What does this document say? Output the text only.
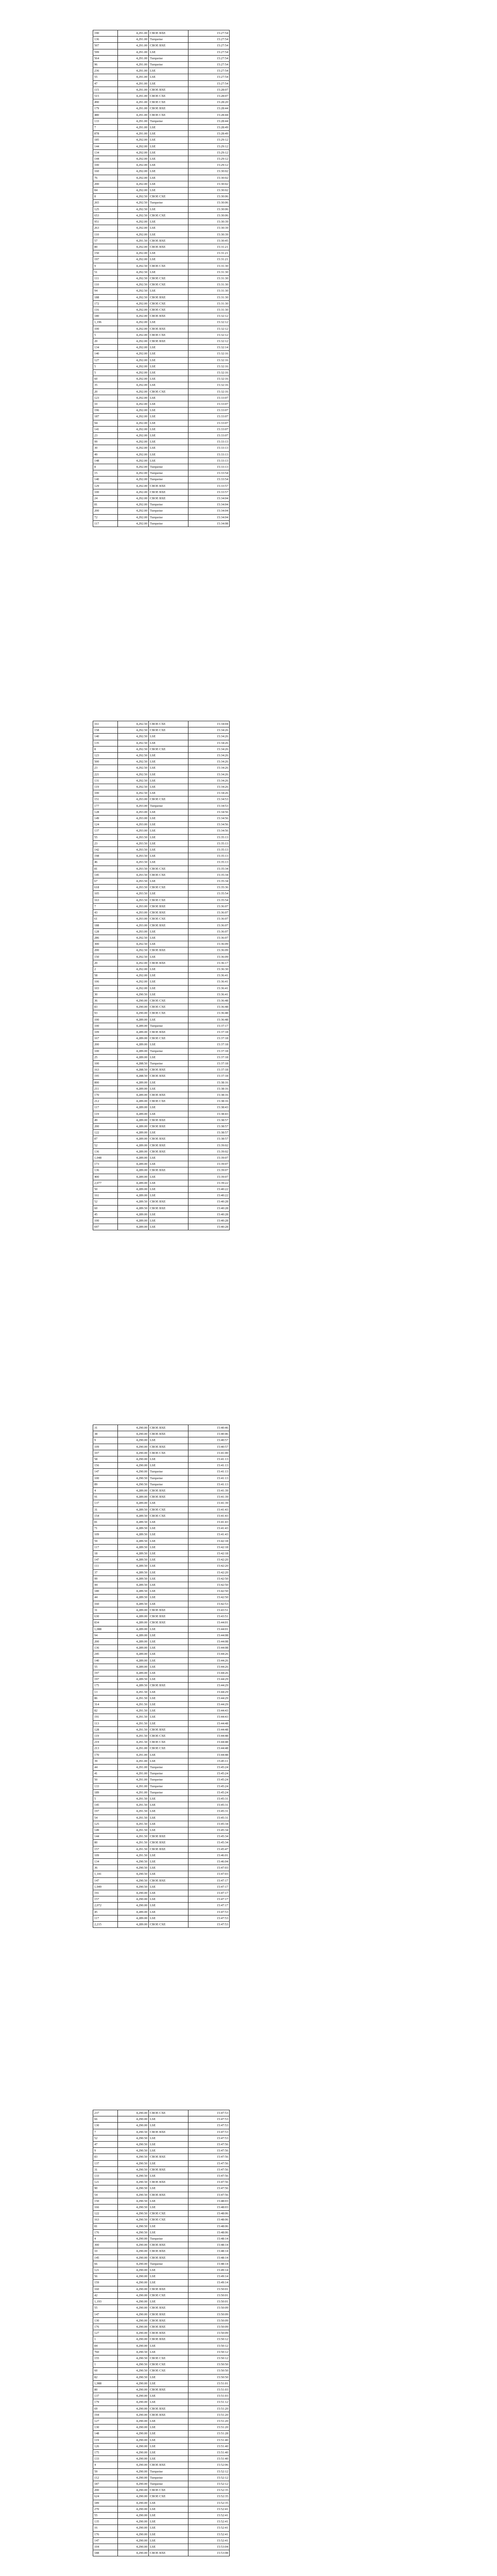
190	4,291.00	CBOE BXE	15:27:54
136	4,291.00	Turquoise	15:27:54
507	4,291.00	CBOE BXE	15:27:54
599	4,291.00	LSE	15:27:54
564	4,291.00	Turquoise	15:27:54
96	4,291.00	Turquoise	15:27:54
236	4,291.00	LSE	15:27:54
55	4,291.00	LSE	15:27:54
47	4,291.00	LSE	15:27:54
115	4,291.00	CBOE BXE	15:28:07
515	4,291.00	CBOE CXE	15:28:07
490	4,291.00	CBOE CXE	15:28:20
179	4,291.00	CBOE BXE	15:28:44
480	4,291.00	CBOE CXE	15:28:44
133	4,291.00	Turquoise	15:28:44
7	4,291.00	LSE	15:28:49
878	4,291.00	LSE	15:28:49
185	4,292.00	LSE	15:29:12
144	4,292.00	LSE	15:29:12
134	4,292.00	LSE	15:29:12
144	4,292.00	LSE	15:29:12
100	4,292.00	LSE	15:29:12
160	4,292.00	LSE	15:30:02
76	4,292.00	LSE	15:30:02
200	4,292.00	LSE	15:30:02
84	4,292.00	LSE	15:30:02
8	4,292.50	CBOE CXE	15:30:06
265	4,292.50	Turquoise	15:30:06
125	4,292.50	LSE	15:30:06
653	4,292.50	CBOE CXE	15:30:06
951	4,292.00	LSE	15:30:39
263	4,292.00	LSE	15:30:39
110	4,292.00	LSE	15:30:39
57	4,291.50	CBOE BXE	15:30:45
80	4,292.00	CBOE BXE	15:31:21
150	4,292.00	LSE	15:31:21
197	4,292.00	LSE	15:31:21
9	4,292.50	CBOE CXE	15:31:30
51	4,292.50	LSE	15:31:30
111	4,292.50	CBOE CXE	15:31:30
110	4,292.50	CBOE CXE	15:31:30
94	4,292.50	LSE	15:31:30
188	4,292.50	CBOE BXE	15:31:30
172	4,292.00	CBOE CXE	15:31:30
116	4,292.00	CBOE CXE	15:31:30
180	4,292.00	CBOE BXE	15:32:12
1,196	4,292.00	LSE	15:32:12
100	4,292.00	CBOE BXE	15:32:12
5	4,292.00	CBOE CXE	15:32:12
20	4,292.00	CBOE BXE	15:32:12
134	4,292.00	LSE	15:32:14
140	4,292.00	LSE	15:32:16
127	4,292.00	LSE	15:32:16
5	4,292.00	LSE	15:32:16
5	4,292.00	LSE	15:32:16
60	4,292.00	LSE	15:32:16
35	4,292.00	LSE	15:32:16
20	4,292.00	CBOE CXE	15:32:16
123	4,292.00	LSE	15:33:07
10	4,292.00	LSE	15:33:07
196	4,292.00	LSE	15:33:07
187	4,292.00	LSE	15:33:07
94	4,292.00	LSE	15:33:07
141	4,292.00	LSE	15:33:07
23	4,292.00	LSE	15:33:07
99	4,292.00	LSE	15:33:13
30	4,292.00	LSE	15:33:13
49	4,292.00	LSE	15:33:13
148	4,292.00	LSE	15:33:13
8	4,292.00	Turquoise	15:33:13
15	4,292.00	Turquoise	15:33:54
140	4,292.00	Turquoise	15:33:54
129	4,292.00	CBOE BXE	15:33:57
100	4,292.00	CBOE BXE	15:33:57
24	4,292.00	CBOE BXE	15:34:04
81	4,292.00	Turquoise	15:34:04
200	4,292.00	Turquoise	15:34:04
72	4,292.00	Turquoise	15:34:04
117	4,292.00	Turquoise	15:34:08
161	4,292.50	CBOE CXE	15:34:04
158	4,292.50	CBOE CXE	15:34:26
140	4,292.50	LSE	15:34:26
135	4,292.50	LSE	15:34:26
8	4,292.50	CBOE CXE	15:34:26
123	4,292.50	LSE	15:34:26
500	4,292.50	LSE	15:34:26
23	4,292.50	LSE	15:34:26
221	4,292.50	LSE	15:34:26
131	4,292.50	LSE	15:34:26
119	4,292.50	LSE	15:34:26
100	4,292.50	LSE	15:34:26
151	4,293.00	CBOE CXE	15:34:53
177	4,293.00	Turquoise	15:34:53
128	4,293.00	LSE	15:34:56
149	4,293.00	LSE	15:34:56
124	4,293.00	LSE	15:34:56
137	4,293.00	LSE	15:34:56
55	4,293.50	LSE	15:35:13
23	4,293.50	LSE	15:35:13
142	4,293.50	LSE	15:35:13
198	4,293.50	LSE	15:35:13
46	4,293.50	LSE	15:35:13
81	4,293.50	CBOE CXE	15:35:34
145	4,293.50	CBOE CXE	15:35:34
67	4,293.50	LSE	15:35:34
618	4,293.50	CBOE CXE	15:35:36
105	4,293.50	LSE	15:35:54
163	4,293.50	CBOE CXE	15:35:54
7	4,293.00	CBOE BXE	15:36:07
43	4,293.00	CBOE BXE	15:36:07
61	4,293.00	CBOE CXE	15:36:07
188	4,293.00	CBOE BXE	15:36:07
128	4,293.00	LSE	15:36:07
286	4,292.50	LSE	15:36:07
300	4,292.50	LSE	15:36:09
200	4,292.50	CBOE BXE	15:36:09
150	4,292.50	LSE	15:36:09
20	4,292.00	CBOE BXE	15:36:17
2	4,292.00	LSE	15:36:30
58	4,292.00	LSE	15:36:41
106	4,292.00	LSE	15:36:41
103	4,292.00	LSE	15:36:41
30	4,290.50	LSE	15:36:41
36	4,290.00	CBOE CXE	15:36:48
83	4,290.00	CBOE CXE	15:36:48
93	4,290.00	CBOE CXE	15:36:48
100	4,289.00	LSE	15:36:48
100	4,289.00	Turquoise	15:37:17
109	4,289.00	CBOE BXE	15:37:18
167	4,289.00	CBOE CXE	15:37:18
200	4,289.00	LSE	15:37:18
100	4,289.00	Turquoise	15:37:18
25	4,289.00	LSE	15:37:18
100	4,288.50	Turquoise	15:37:18
163	4,288.50	CBOE BXE	15:37:18
195	4,288.50	CBOE BXE	15:37:18
800	4,289.00	LSE	15:38:16
211	4,289.00	LSE	15:38:16
170	4,289.00	CBOE BXE	15:38:16
212	4,289.00	CBOE CXE	15:38:16
117	4,289.00	LSE	15:38:43
119	4,289.00	LSE	15:38:43
49	4,289.00	CBOE BXE	15:38:57
200	4,289.00	CBOE BXE	15:38:57
122	4,289.00	LSE	15:38:57
87	4,289.00	CBOE BXE	15:38:57
52	4,289.00	CBOE BXE	15:39:02
136	4,289.00	CBOE BXE	15:39:02
1,048	4,289.00	LSE	15:39:07
173	4,289.00	LSE	15:39:07
136	4,289.00	CBOE BXE	15:39:07
400	4,289.00	LSE	15:39:07
2,077	4,289.00	LSE	15:39:22
50	4,289.00	LSE	15:40:22
161	4,289.00	LSE	15:40:22
52	4,289.50	CBOE BXE	15:40:28
60	4,289.50	CBOE BXE	15:40:28
45	4,289.00	LSE	15:40:28
100	4,289.00	LSE	15:40:28
697	4,289.00	LSE	15:40:28
31	4,290.00	CBOE BXE	15:40:46
38	4,290.00	CBOE BXE	15:40:46
9	4,290.00	LSE	15:40:57
109	4,290.00	CBOE BXE	15:40:57
107	4,290.00	CBOE CXE	15:41:00
58	4,290.00	LSE	15:41:13
156	4,290.00	LSE	15:41:13
147	4,290.00	Turquoise	15:41:13
100	4,290.50	Turquoise	15:41:13
89	4,290.50	Turquoise	15:41:13
4	4,289.00	CBOE BXE	15:41:39
91	4,289.00	CBOE BXE	15:41:39
137	4,289.00	LSE	15:41:39
31	4,289.50	CBOE CXE	15:41:43
154	4,289.50	CBOE CXE	15:41:43
81	4,289.50	LSE	15:41:43
71	4,289.50	LSE	15:41:43
109	4,289.50	LSE	15:41:43
59	4,289.50	LSE	15:42:18
117	4,289.50	LSE	15:42:18
18	4,289.50	LSE	15:42:18
147	4,289.50	LSE	15:42:20
111	4,289.50	LSE	15:42:20
37	4,289.50	LSE	15:42:20
99	4,289.50	LSE	15:42:50
44	4,289.50	LSE	15:42:50
180	4,289.50	LSE	15:42:50
44	4,289.50	LSE	15:42:50
160	4,289.50	LSE	15:42:53
31	4,289.00	CBOE BXE	15:43:51
630	4,289.00	CBOE BXE	15:43:51
834	4,289.00	CBOE BXE	15:44:01
1,088	4,289.00	LSE	15:44:01
94	4,289.00	LSE	15:44:08
200	4,289.00	LSE	15:44:08
136	4,289.00	LSE	15:44:08
245	4,289.00	LSE	15:44:26
140	4,289.00	LSE	15:44:26
55	4,289.00	LSE	15:44:26
197	4,289.00	LSE	15:44:26
197	4,289.50	LSE	15:44:29
175	4,289.50	CBOE BXE	15:44:29
13	4,291.50	LSE	15:44:29
86	4,291.50	LSE	15:44:29
314	4,291.50	LSE	15:44:29
82	4,291.50	LSE	15:44:43
191	4,291.50	LSE	15:44:43
113	4,291.50	LSE	15:44:48
128	4,291.50	CBOE BXE	15:44:48
119	4,291.50	CBOE CXE	15:44:48
219	4,291.50	CBOE CXE	15:44:48
213	4,291.00	CBOE CXE	15:44:48
170	4,291.00	LSE	15:44:48
39	4,291.00	LSE	15:45:11
44	4,291.00	Turquoise	15:45:24
41	4,291.00	Turquoise	15:45:24
50	4,291.00	Turquoise	15:45:24
133	4,291.00	Turquoise	15:45:24
189	4,291.00	Turquoise	15:45:24
5	4,291.50	LSE	15:45:31
145	4,291.50	LSE	15:45:31
197	4,291.50	LSE	15:45:31
54	4,291.50	LSE	15:45:31
125	4,291.50	LSE	15:45:34
149	4,291.50	LSE	15:45:34
144	4,291.50	CBOE BXE	15:45:34
80	4,291.50	CBOE BXE	15:45:34
157	4,291.50	CBOE BXE	15:45:47
109	4,291.50	LSE	15:46:01
134	4,290.50	LSE	15:46:04
36	4,290.50	LSE	15:47:03
1,141	4,290.50	LSE	15:47:03
147	4,290.50	CBOE BXE	15:47:17
1,949	4,290.50	LSE	15:47:17
191	4,290.00	LSE	15:47:17
157	4,290.00	LSE	15:47:17
2,072	4,290.00	LSE	15:47:17
45	4,289.00	LSE	15:47:53
117	4,289.00	LSE	15:47:53
2,215	4,289.00	CBOE CXE	15:47:53
237	4,290.00	CBOE CXE	15:47:53
66	4,290.00	LSE	15:47:53
130	4,290.00	LSE	15:47:53
7	4,290.50	CBOE BXE	15:47:53
52	4,290.50	LSE	15:47:53
47	4,290.50	LSE	15:47:56
9	4,290.50	LSE	15:47:56
83	4,290.50	CBOE BXE	15:47:56
137	4,290.50	LSE	15:47:56
31	4,290.50	CBOE BXE	15:47:56
133	4,290.50	LSE	15:47:56
121	4,290.50	CBOE BXE	15:47:56
90	4,290.50	LSE	15:47:56
54	4,290.50	CBOE BXE	15:47:56
150	4,290.50	LSE	15:48:03
166	4,290.50	LSE	15:48:03
122	4,290.50	CBOE CXE	15:48:06
163	4,290.50	CBOE CXE	15:48:06
81	4,290.50	LSE	15:48:06
176	4,290.50	LSE	15:48:06
4	4,290.00	Turquoise	15:48:14
300	4,290.00	CBOE BXE	15:48:14
10	4,290.00	CBOE BXE	15:48:14
145	4,290.00	CBOE BXE	15:48:14
66	4,290.00	Turquoise	15:48:14
121	4,290.00	LSE	15:49:14
56	4,290.00	LSE	15:49:14
159	4,290.00	LSE	15:49:14
160	4,290.00	CBOE BXE	15:50:01
42	4,290.00	CBOE CXE	15:50:01
1,193	4,290.00	LSE	15:50:01
55	4,290.00	CBOE BXE	15:50:09
147	4,290.00	CBOE BXE	15:50:09
130	4,290.00	CBOE BXE	15:50:09
176	4,290.00	CBOE BXE	15:50:09
127	4,290.00	CBOE BXE	15:50:09
1	4,290.00	CBOE BXE	15:50:12
84	4,290.00	LSE	15:50:12
760	4,290.50	LSE	15:50:12
155	4,290.50	CBOE CXE	15:50:12
1	4,290.50	CBOE CXE	15:50:50
60	4,290.50	CBOE CXE	15:50:50
82	4,290.50	LSE	15:50:50
1,988	4,290.00	LSE	15:51:01
80	4,290.00	CBOE BXE	15:51:03
137	4,290.00	LSE	15:51:03
179	4,290.00	LSE	15:51:12
69	4,290.00	CBOE BXE	15:51:20
194	4,290.00	CBOE BXE	15:51:20
127	4,290.00	LSE	15:51:20
130	4,290.00	LSE	15:51:20
148	4,290.00	LSE	15:51:28
119	4,290.00	LSE	15:51:40
126	4,290.00	LSE	15:51:40
175	4,290.00	LSE	15:51:40
133	4,290.00	LSE	15:51:40
4	4,290.00	CBOE BXE	15:52:06
59	4,290.00	Turquoise	15:52:12
112	4,290.00	Turquoise	15:52:12
187	4,290.00	Turquoise	15:52:12
200	4,290.00	CBOE CXE	15:52:35
624	4,290.00	CBOE CXE	15:52:35
189	4,290.00	LSE	15:52:35
270	4,290.00	LSE	15:52:41
55	4,290.00	LSE	15:52:41
135	4,290.00	LSE	15:52:41
16	4,290.00	LSE	15:52:41
176	4,290.00	LSE	15:52:41
147	4,290.00	LSE	15:52:41
104	4,290.00	LSE	15:53:04
188	4,290.00	CBOE BXE	15:53:08
